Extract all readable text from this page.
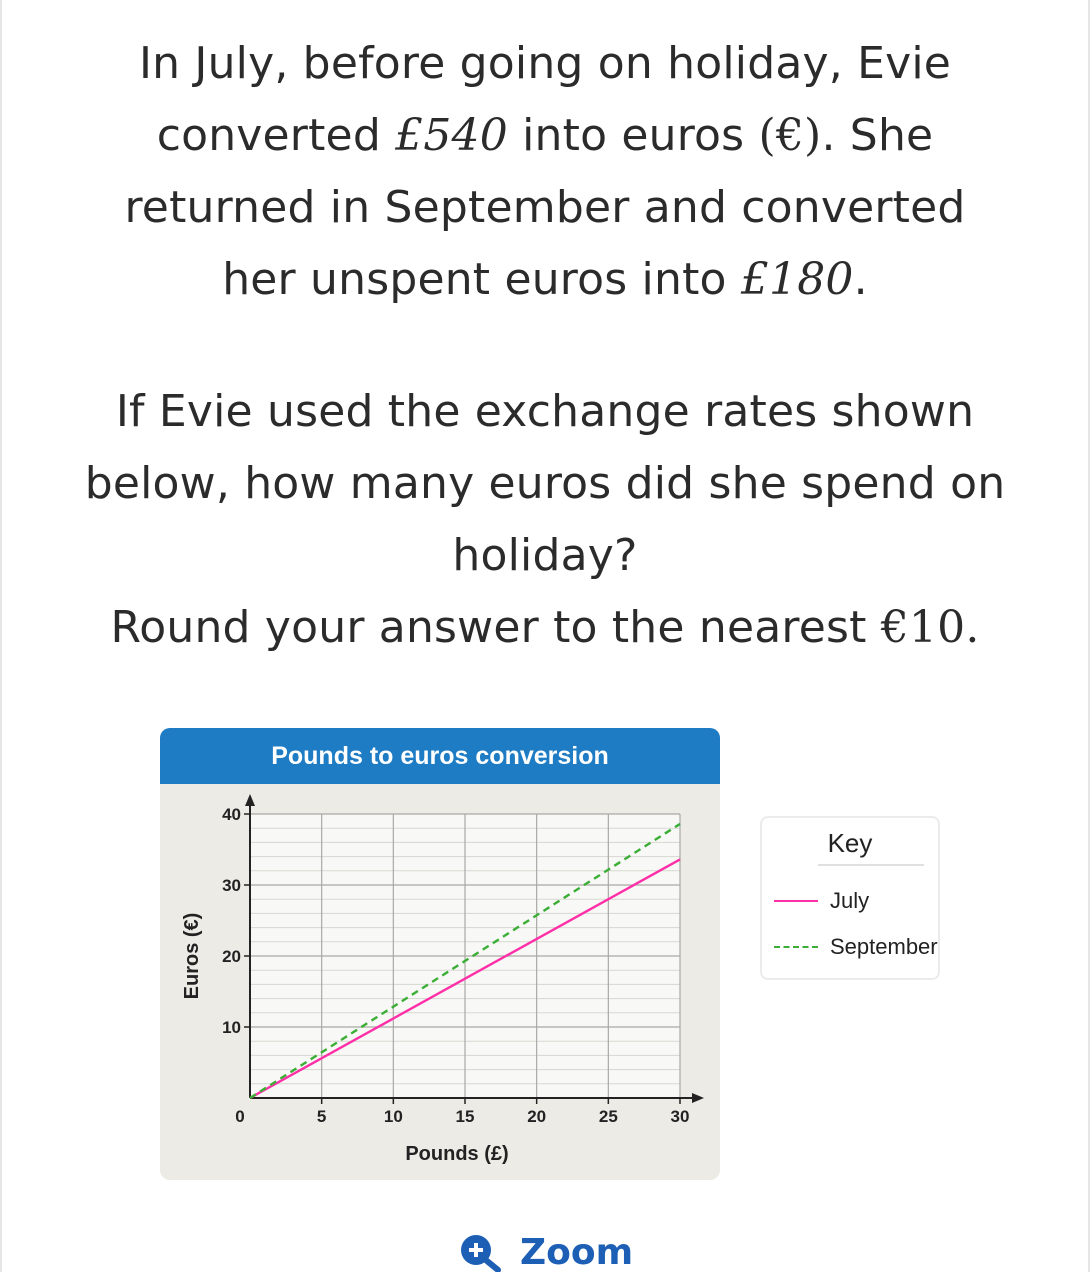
In July, before going on holiday, Evie
converted £540 into euros (€). She
returned in September and converted
her unspent euros into £180.
If Evie used the exchange rates shown
below, how many euros did she spend on
holiday?
Round your answer to the nearest €10.
Pounds to euros conversion
0	5	10	15	20	25	30
10
20
30
40
Pounds (£)
Euros (€)
Key
July
September
Zoom
